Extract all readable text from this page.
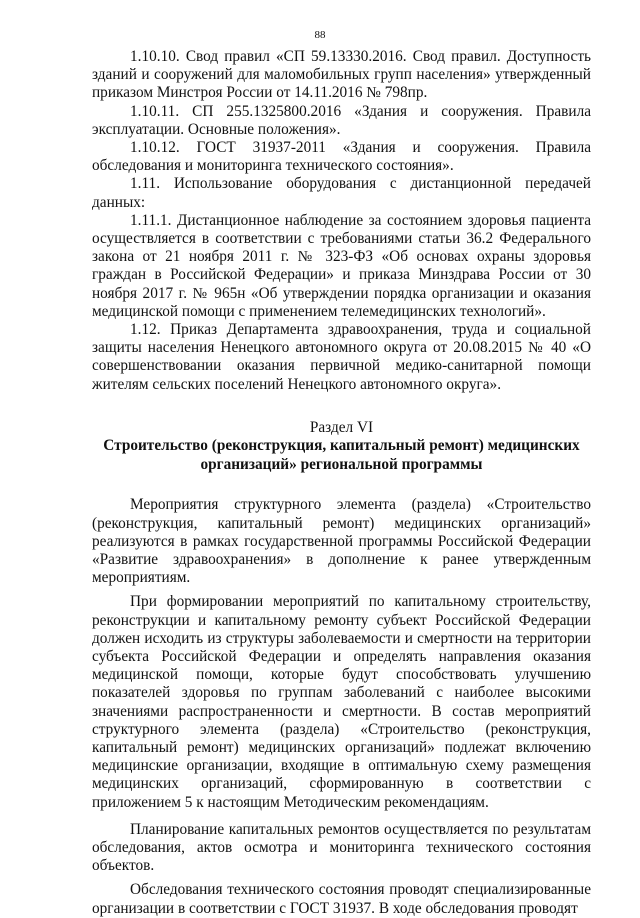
88

1.10.10. Свод правил «СП 59.13330.2016. Свод правил. Доступность зданий и сооружений для маломобильных групп населения» утвержденный приказом Минстроя России от 14.11.2016 № 798пр.

1.10.11. СП 255.1325800.2016 «Здания и сооружения. Правила эксплуатации. Основные положения».

1.10.12. ГОСТ 31937-2011 «Здания и сооружения. Правила обследования и мониторинга технического состояния».

1.11. Использование оборудования с дистанционной передачей данных:

1.11.1. Дистанционное наблюдение за состоянием здоровья пациента осуществляется в соответствии с требованиями статьи 36.2 Федерального закона от 21 ноября 2011 г. № 323-ФЗ «Об основах охраны здоровья граждан в Российской Федерации» и приказа Минздрава России от 30 ноября 2017 г. № 965н «Об утверждении порядка организации и оказания медицинской помощи с применением телемедицинских технологий».

1.12. Приказ Департамента здравоохранения, труда и социальной защиты населения Ненецкого автономного округа от 20.08.2015 № 40 «О совершенствовании оказания первичной медико-санитарной помощи жителям сельских поселений Ненецкого автономного округа».

Раздел VI
Строительство (реконструкция, капитальный ремонт) медицинских организаций» региональной программы

Мероприятия структурного элемента (раздела) «Строительство (реконструкция, капитальный ремонт) медицинских организаций» реализуются в рамках государственной программы Российской Федерации «Развитие здравоохранения» в дополнение к ранее утвержденным мероприятиям.

При формировании мероприятий по капитальному строительству, реконструкции и капитальному ремонту субъект Российской Федерации должен исходить из структуры заболеваемости и смертности на территории субъекта Российской Федерации и определять направления оказания медицинской помощи, которые будут способствовать улучшению показателей здоровья по группам заболеваний с наиболее высокими значениями распространенности и смертности. В состав мероприятий структурного элемента (раздела) «Строительство (реконструкция, капитальный ремонт) медицинских организаций» подлежат включению медицинские организации, входящие в оптимальную схему размещения медицинских организаций, сформированную в соответствии с приложением 5 к настоящим Методическим рекомендациям.

Планирование капитальных ремонтов осуществляется по результатам обследования, актов осмотра и мониторинга технического состояния объектов.

Обследования технического состояния проводят специализированные организации в соответствии с ГОСТ 31937. В ходе обследования проводят
